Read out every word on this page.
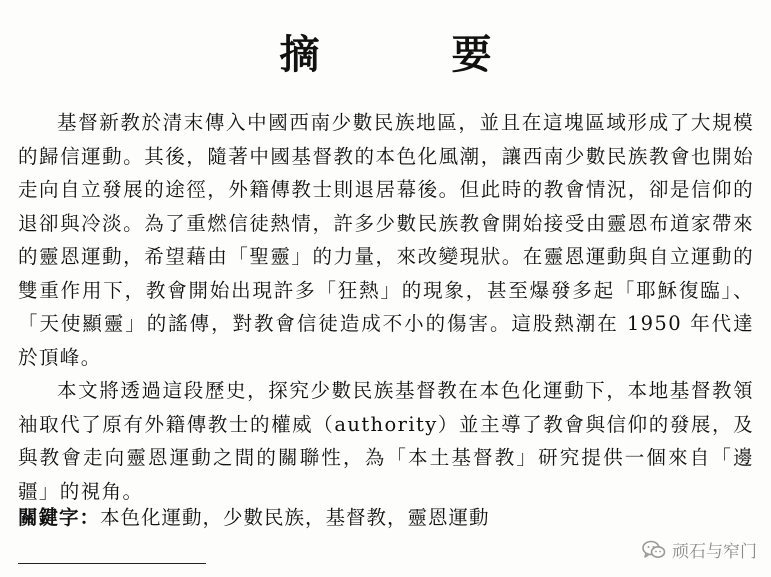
摘　要

基督新教於清末傳入中國西南少數民族地區，並且在這塊區域形成了大規模的歸信運動。其後，隨著中國基督教的本色化風潮，讓西南少數民族教會也開始走向自立發展的途徑，外籍傳教士則退居幕後。但此時的教會情況，卻是信仰的退卻與冷淡。為了重燃信徒熱情，許多少數民族教會開始接受由靈恩布道家帶來的靈恩運動，希望藉由「聖靈」的力量，來改變現狀。在靈恩運動與自立運動的雙重作用下，教會開始出現許多「狂熱」的現象，甚至爆發多起「耶穌復臨」、「天使顯靈」的謠傳，對教會信徒造成不小的傷害。這股熱潮在 1950 年代達於頂峰。

本文將透過這段歷史，探究少數民族基督教在本色化運動下，本地基督教領袖取代了原有外籍傳教士的權威（authority）並主導了教會與信仰的發展，及與教會走向靈恩運動之間的關聯性，為「本土基督教」研究提供一個來自「邊疆」的視角。

關鍵字：本色化運動，少數民族，基督教，靈恩運動
顽石与窄门
